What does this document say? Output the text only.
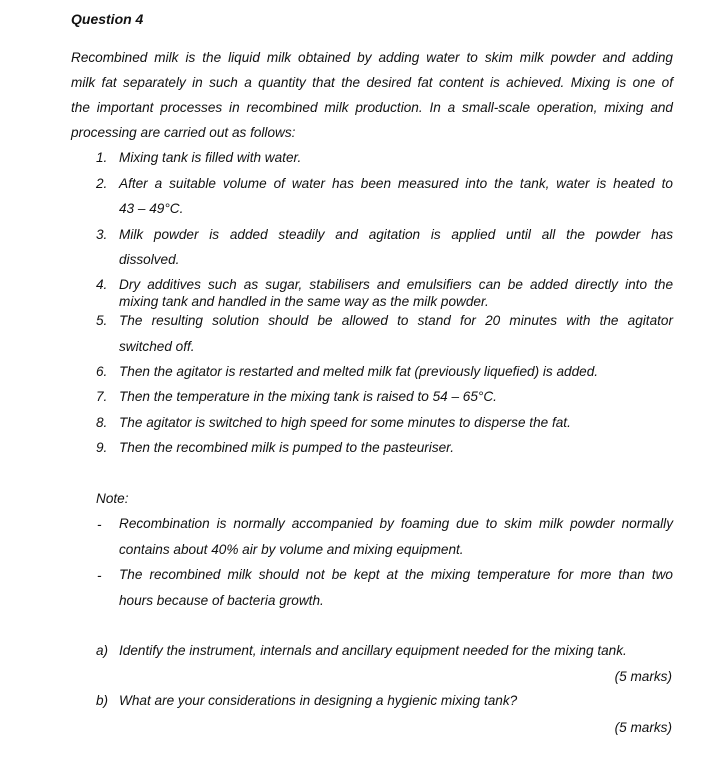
Question 4
Recombined milk is the liquid milk obtained by adding water to skim milk powder and adding
milk fat separately in such a quantity that the desired fat content is achieved. Mixing is one of
the important processes in recombined milk production. In a small-scale operation, mixing and
processing are carried out as follows:
1. Mixing tank is filled with water.
2. After a suitable volume of water has been measured into the tank, water is heated to
43 – 49°C.
3. Milk powder is added steadily and agitation is applied until all the powder has
dissolved.
4. Dry additives such as sugar, stabilisers and emulsifiers can be added directly into the
mixing tank and handled in the same way as the milk powder.
5. The resulting solution should be allowed to stand for 20 minutes with the agitator
switched off.
6. Then the agitator is restarted and melted milk fat (previously liquefied) is added.
7. Then the temperature in the mixing tank is raised to 54 – 65°C.
8. The agitator is switched to high speed for some minutes to disperse the fat.
9. Then the recombined milk is pumped to the pasteuriser.
Note:
- Recombination is normally accompanied by foaming due to skim milk powder normally
contains about 40% air by volume and mixing equipment.
- The recombined milk should not be kept at the mixing temperature for more than two
hours because of bacteria growth.
a) Identify the instrument, internals and ancillary equipment needed for the mixing tank.
(5 marks)
b) What are your considerations in designing a hygienic mixing tank?
(5 marks)
